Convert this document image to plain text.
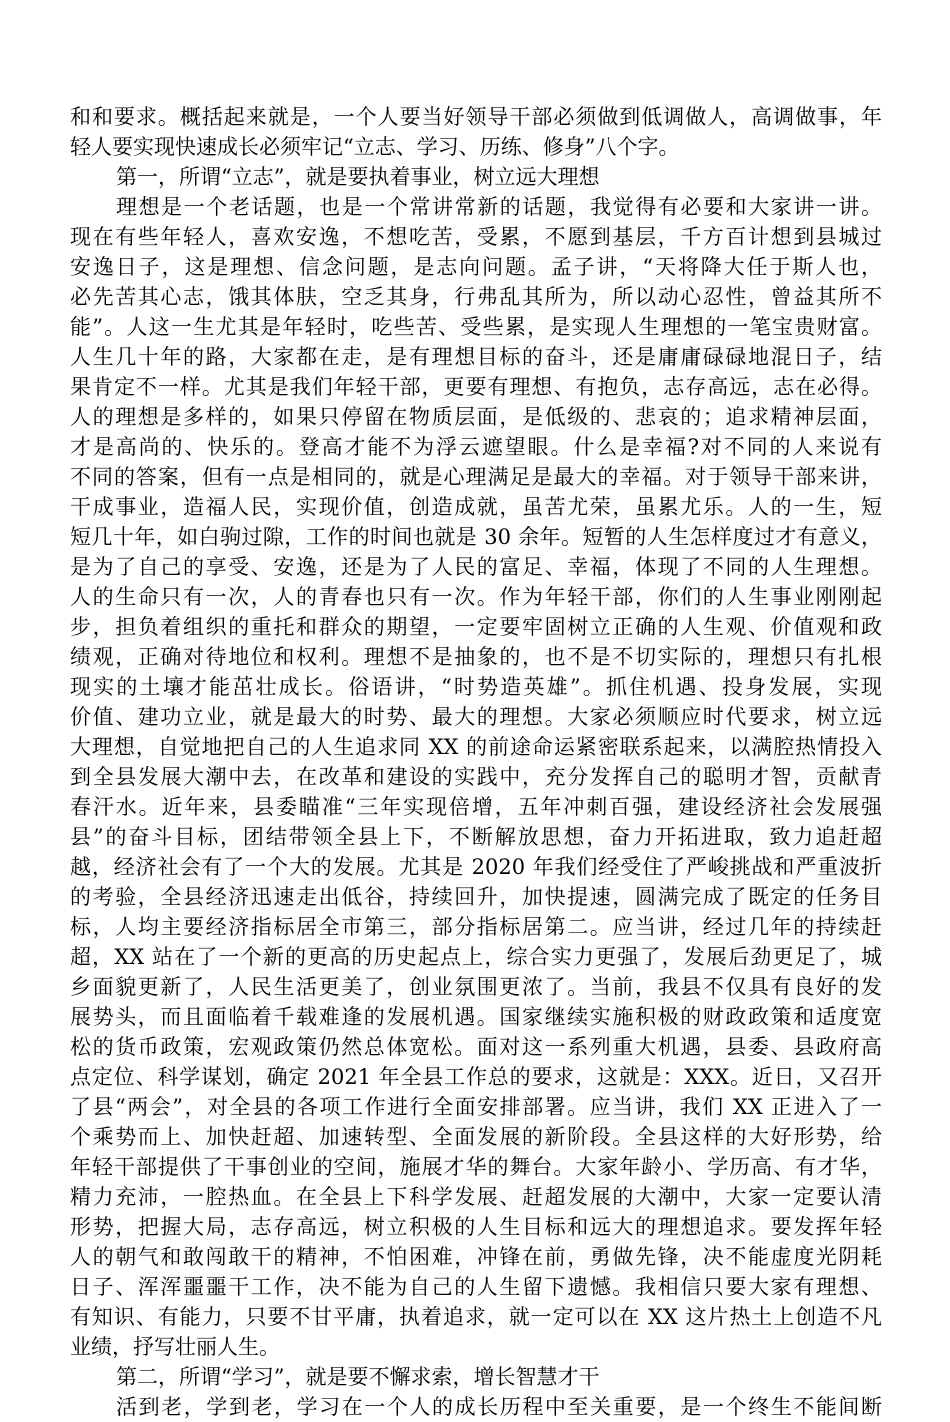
和和要求。概括起来就是，一个人要当好领导干部必须做到低调做人，高调做事，年
轻人要实现快速成长必须牢记“立志、学习、历练、修身”八个字。
第一，所谓“立志”，就是要执着事业，树立远大理想
理想是一个老话题，也是一个常讲常新的话题，我觉得有必要和大家讲一讲。
现在有些年轻人，喜欢安逸，不想吃苦，受累，不愿到基层，千方百计想到县城过
安逸日子，这是理想、信念问题，是志向问题。孟子讲，“天将降大任于斯人也，
必先苦其心志，饿其体肤，空乏其身，行弗乱其所为，所以动心忍性，曾益其所不
能”。人这一生尤其是年轻时，吃些苦、受些累，是实现人生理想的一笔宝贵财富。
人生几十年的路，大家都在走，是有理想目标的奋斗，还是庸庸碌碌地混日子，结
果肯定不一样。尤其是我们年轻干部，更要有理想、有抱负，志存高远，志在必得。
人的理想是多样的，如果只停留在物质层面，是低级的、悲哀的；追求精神层面，
才是高尚的、快乐的。登高才能不为浮云遮望眼。什么是幸福?对不同的人来说有
不同的答案，但有一点是相同的，就是心理满足是最大的幸福。对于领导干部来讲，
干成事业，造福人民，实现价值，创造成就，虽苦尤荣，虽累尤乐。人的一生，短
短几十年，如白驹过隙，工作的时间也就是 30 余年。短暂的人生怎样度过才有意义，
是为了自己的享受、安逸，还是为了人民的富足、幸福，体现了不同的人生理想。
人的生命只有一次，人的青春也只有一次。作为年轻干部，你们的人生事业刚刚起
步，担负着组织的重托和群众的期望，一定要牢固树立正确的人生观、价值观和政
绩观，正确对待地位和权利。理想不是抽象的，也不是不切实际的，理想只有扎根
现实的土壤才能茁壮成长。俗语讲，“时势造英雄”。抓住机遇、投身发展，实现
价值、建功立业，就是最大的时势、最大的理想。大家必须顺应时代要求，树立远
大理想，自觉地把自己的人生追求同 XX 的前途命运紧密联系起来，以满腔热情投入
到全县发展大潮中去，在改革和建设的实践中，充分发挥自己的聪明才智，贡献青
春汗水。近年来，县委瞄准“三年实现倍增，五年冲刺百强，建设经济社会发展强
县”的奋斗目标，团结带领全县上下，不断解放思想，奋力开拓进取，致力追赶超
越，经济社会有了一个大的发展。尤其是 2020 年我们经受住了严峻挑战和严重波折
的考验，全县经济迅速走出低谷，持续回升，加快提速，圆满完成了既定的任务目
标，人均主要经济指标居全市第三，部分指标居第二。应当讲，经过几年的持续赶
超，XX 站在了一个新的更高的历史起点上，综合实力更强了，发展后劲更足了，城
乡面貌更新了，人民生活更美了，创业氛围更浓了。当前，我县不仅具有良好的发
展势头，而且面临着千载难逢的发展机遇。国家继续实施积极的财政政策和适度宽
松的货币政策，宏观政策仍然总体宽松。面对这一系列重大机遇，县委、县政府高
点定位、科学谋划，确定 2021 年全县工作总的要求，这就是：XXX。近日，又召开
了县“两会”，对全县的各项工作进行全面安排部署。应当讲，我们 XX 正进入了一
个乘势而上、加快赶超、加速转型、全面发展的新阶段。全县这样的大好形势，给
年轻干部提供了干事创业的空间，施展才华的舞台。大家年龄小、学历高、有才华，
精力充沛，一腔热血。在全县上下科学发展、赶超发展的大潮中，大家一定要认清
形势，把握大局，志存高远，树立积极的人生目标和远大的理想追求。要发挥年轻
人的朝气和敢闯敢干的精神，不怕困难，冲锋在前，勇做先锋，决不能虚度光阴耗
日子、浑浑噩噩干工作，决不能为自己的人生留下遗憾。我相信只要大家有理想、
有知识、有能力，只要不甘平庸，执着追求，就一定可以在 XX 这片热土上创造不凡
业绩，抒写壮丽人生。
第二，所谓“学习”，就是要不懈求索，增长智慧才干
活到老，学到老，学习在一个人的成长历程中至关重要，是一个终生不能间断
